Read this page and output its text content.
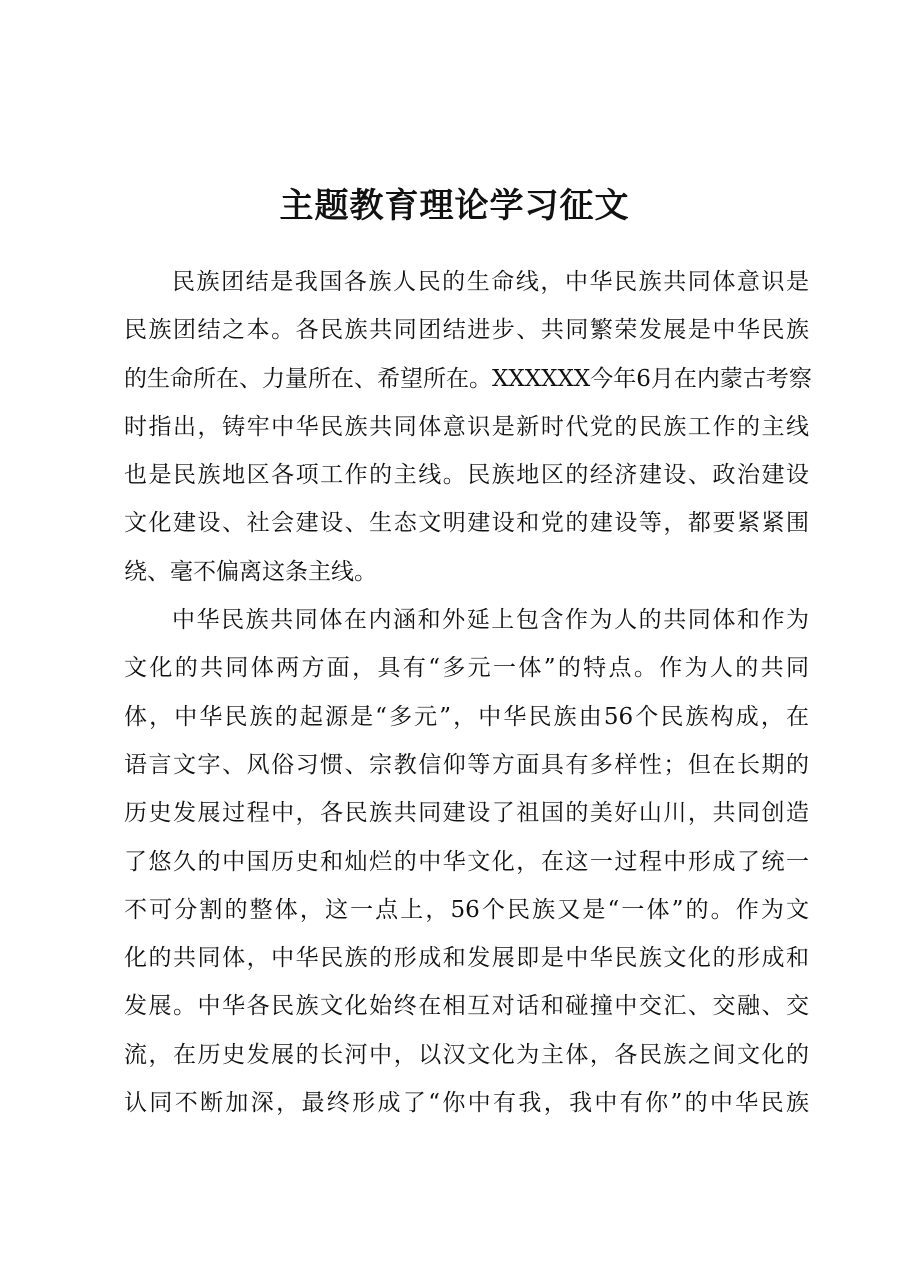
主题教育理论学习征文
民族团结是我国各族人民的生命线，中华民族共同体意识是
民族团结之本。各民族共同团结进步、共同繁荣发展是中华民族
的生命所在、力量所在、希望所在。XXXXXX今年6月在内蒙古考察
时指出，铸牢中华民族共同体意识是新时代党的民族工作的主线
也是民族地区各项工作的主线。民族地区的经济建设、政治建设
文化建设、社会建设、生态文明建设和党的建设等，都要紧紧围
绕、毫不偏离这条主线。
中华民族共同体在内涵和外延上包含作为人的共同体和作为
文化的共同体两方面，具有“多元一体”的特点。作为人的共同
体，中华民族的起源是“多元”，中华民族由56个民族构成，在
语言文字、风俗习惯、宗教信仰等方面具有多样性；但在长期的
历史发展过程中，各民族共同建设了祖国的美好山川，共同创造
了悠久的中国历史和灿烂的中华文化，在这一过程中形成了统一
不可分割的整体，这一点上，56个民族又是“一体”的。作为文
化的共同体，中华民族的形成和发展即是中华民族文化的形成和
发展。中华各民族文化始终在相互对话和碰撞中交汇、交融、交
流，在历史发展的长河中，以汉文化为主体，各民族之间文化的
认同不断加深，最终形成了“你中有我，我中有你”的中华民族
